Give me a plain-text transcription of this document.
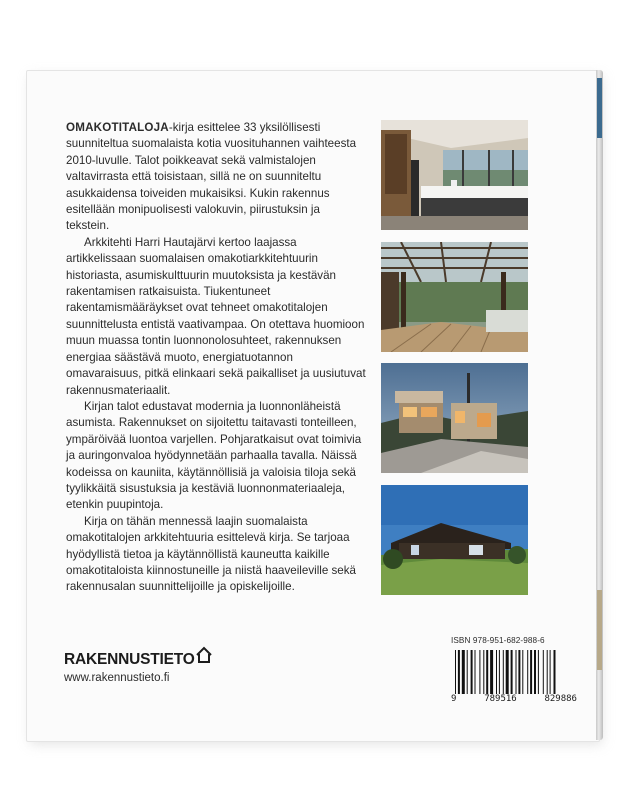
OMAKOTITALOJA-kirja esittelee 33 yksilöllisesti suunniteltua suomalaista kotia vuosituhannen vaihteesta 2010-luvulle. Talot poikkeavat sekä valmistalojen valtavirrasta että toisistaan, sillä ne on suunniteltu asukkaidensa toiveiden mukaisiksi. Kukin rakennus esitellään monipuolisesti valokuvin, piirustuksin ja tekstein.

Arkkitehti Harri Hautajärvi kertoo laajassa artikkelissaan suomalaisen omakotiarkkitehtuurin historiasta, asumiskulttuurin muutoksista ja kestävän rakentamisen ratkaisuista. Tiukentuneet rakentamismääräykset ovat tehneet omakotitalojen suunnittelusta entistä vaativampaa. On otettava huomioon muun muassa tontin luonnonolosuhteet, rakennuksen energiaa säästävä muoto, energiatuotannon omavaraisuus, pitkä elinkaari sekä paikalliset ja uusiutuvat rakennusmateriaalit.

Kirjan talot edustavat modernia ja luonnonläheistä asumista. Rakennukset on sijoitettu taitavasti tonteilleen, ympäröivää luontoa varjellen. Pohjaratkaisut ovat toimivia ja auringonvaloa hyödynnetään parhaalla tavalla. Näissä kodeissa on kauniita, käytännöllisiä ja valoisia tiloja sekä tyylikkäitä sisustuksia ja kestäviä luonnonmateriaaleja, etenkin puupintoja.

Kirja on tähän mennessä laajin suomalaista omakotitalojen arkkitehtuuria esittelevä kirja. Se tarjoaa hyödyllistä tietoa ja käytännöllistä kauneutta kaikille omakotitaloista kiinnostuneille ja niistä haaveileville sekä rakennusalan suunnittelijoille ja opiskelijoille.

RAKENNUSTIETO
www.rakennustieto.fi
ISBN 978-951-682-988-6
9	789516	829886
